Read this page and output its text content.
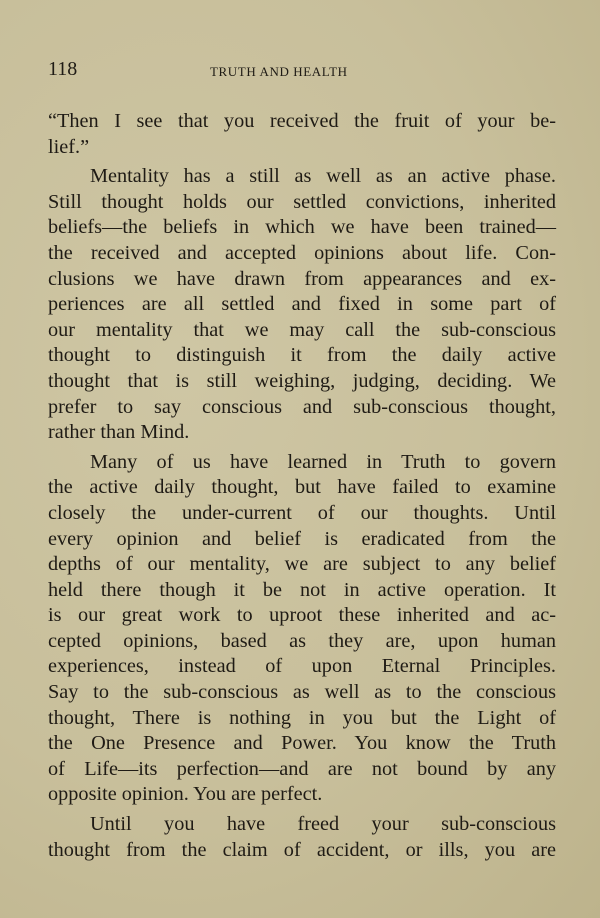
118	TRUTH AND HEALTH
“Then I see that you received the fruit of your be-
lief.”
Mentality has a still as well as an active phase.
Still thought holds our settled convictions, inherited
beliefs—the beliefs in which we have been trained—
the received and accepted opinions about life. Con-
clusions we have drawn from appearances and ex-
periences are all settled and fixed in some part of
our mentality that we may call the sub-conscious
thought to distinguish it from the daily active
thought that is still weighing, judging, deciding. We
prefer to say conscious and sub-conscious thought,
rather than Mind.
Many of us have learned in Truth to govern
the active daily thought, but have failed to examine
closely the under-current of our thoughts. Until
every opinion and belief is eradicated from the
depths of our mentality, we are subject to any belief
held there though it be not in active operation. It
is our great work to uproot these inherited and ac-
cepted opinions, based as they are, upon human
experiences, instead of upon Eternal Principles.
Say to the sub-conscious as well as to the conscious
thought, There is nothing in you but the Light of
the One Presence and Power. You know the Truth
of Life—its perfection—and are not bound by any
opposite opinion. You are perfect.
Until you have freed your sub-conscious
thought from the claim of accident, or ills, you are
